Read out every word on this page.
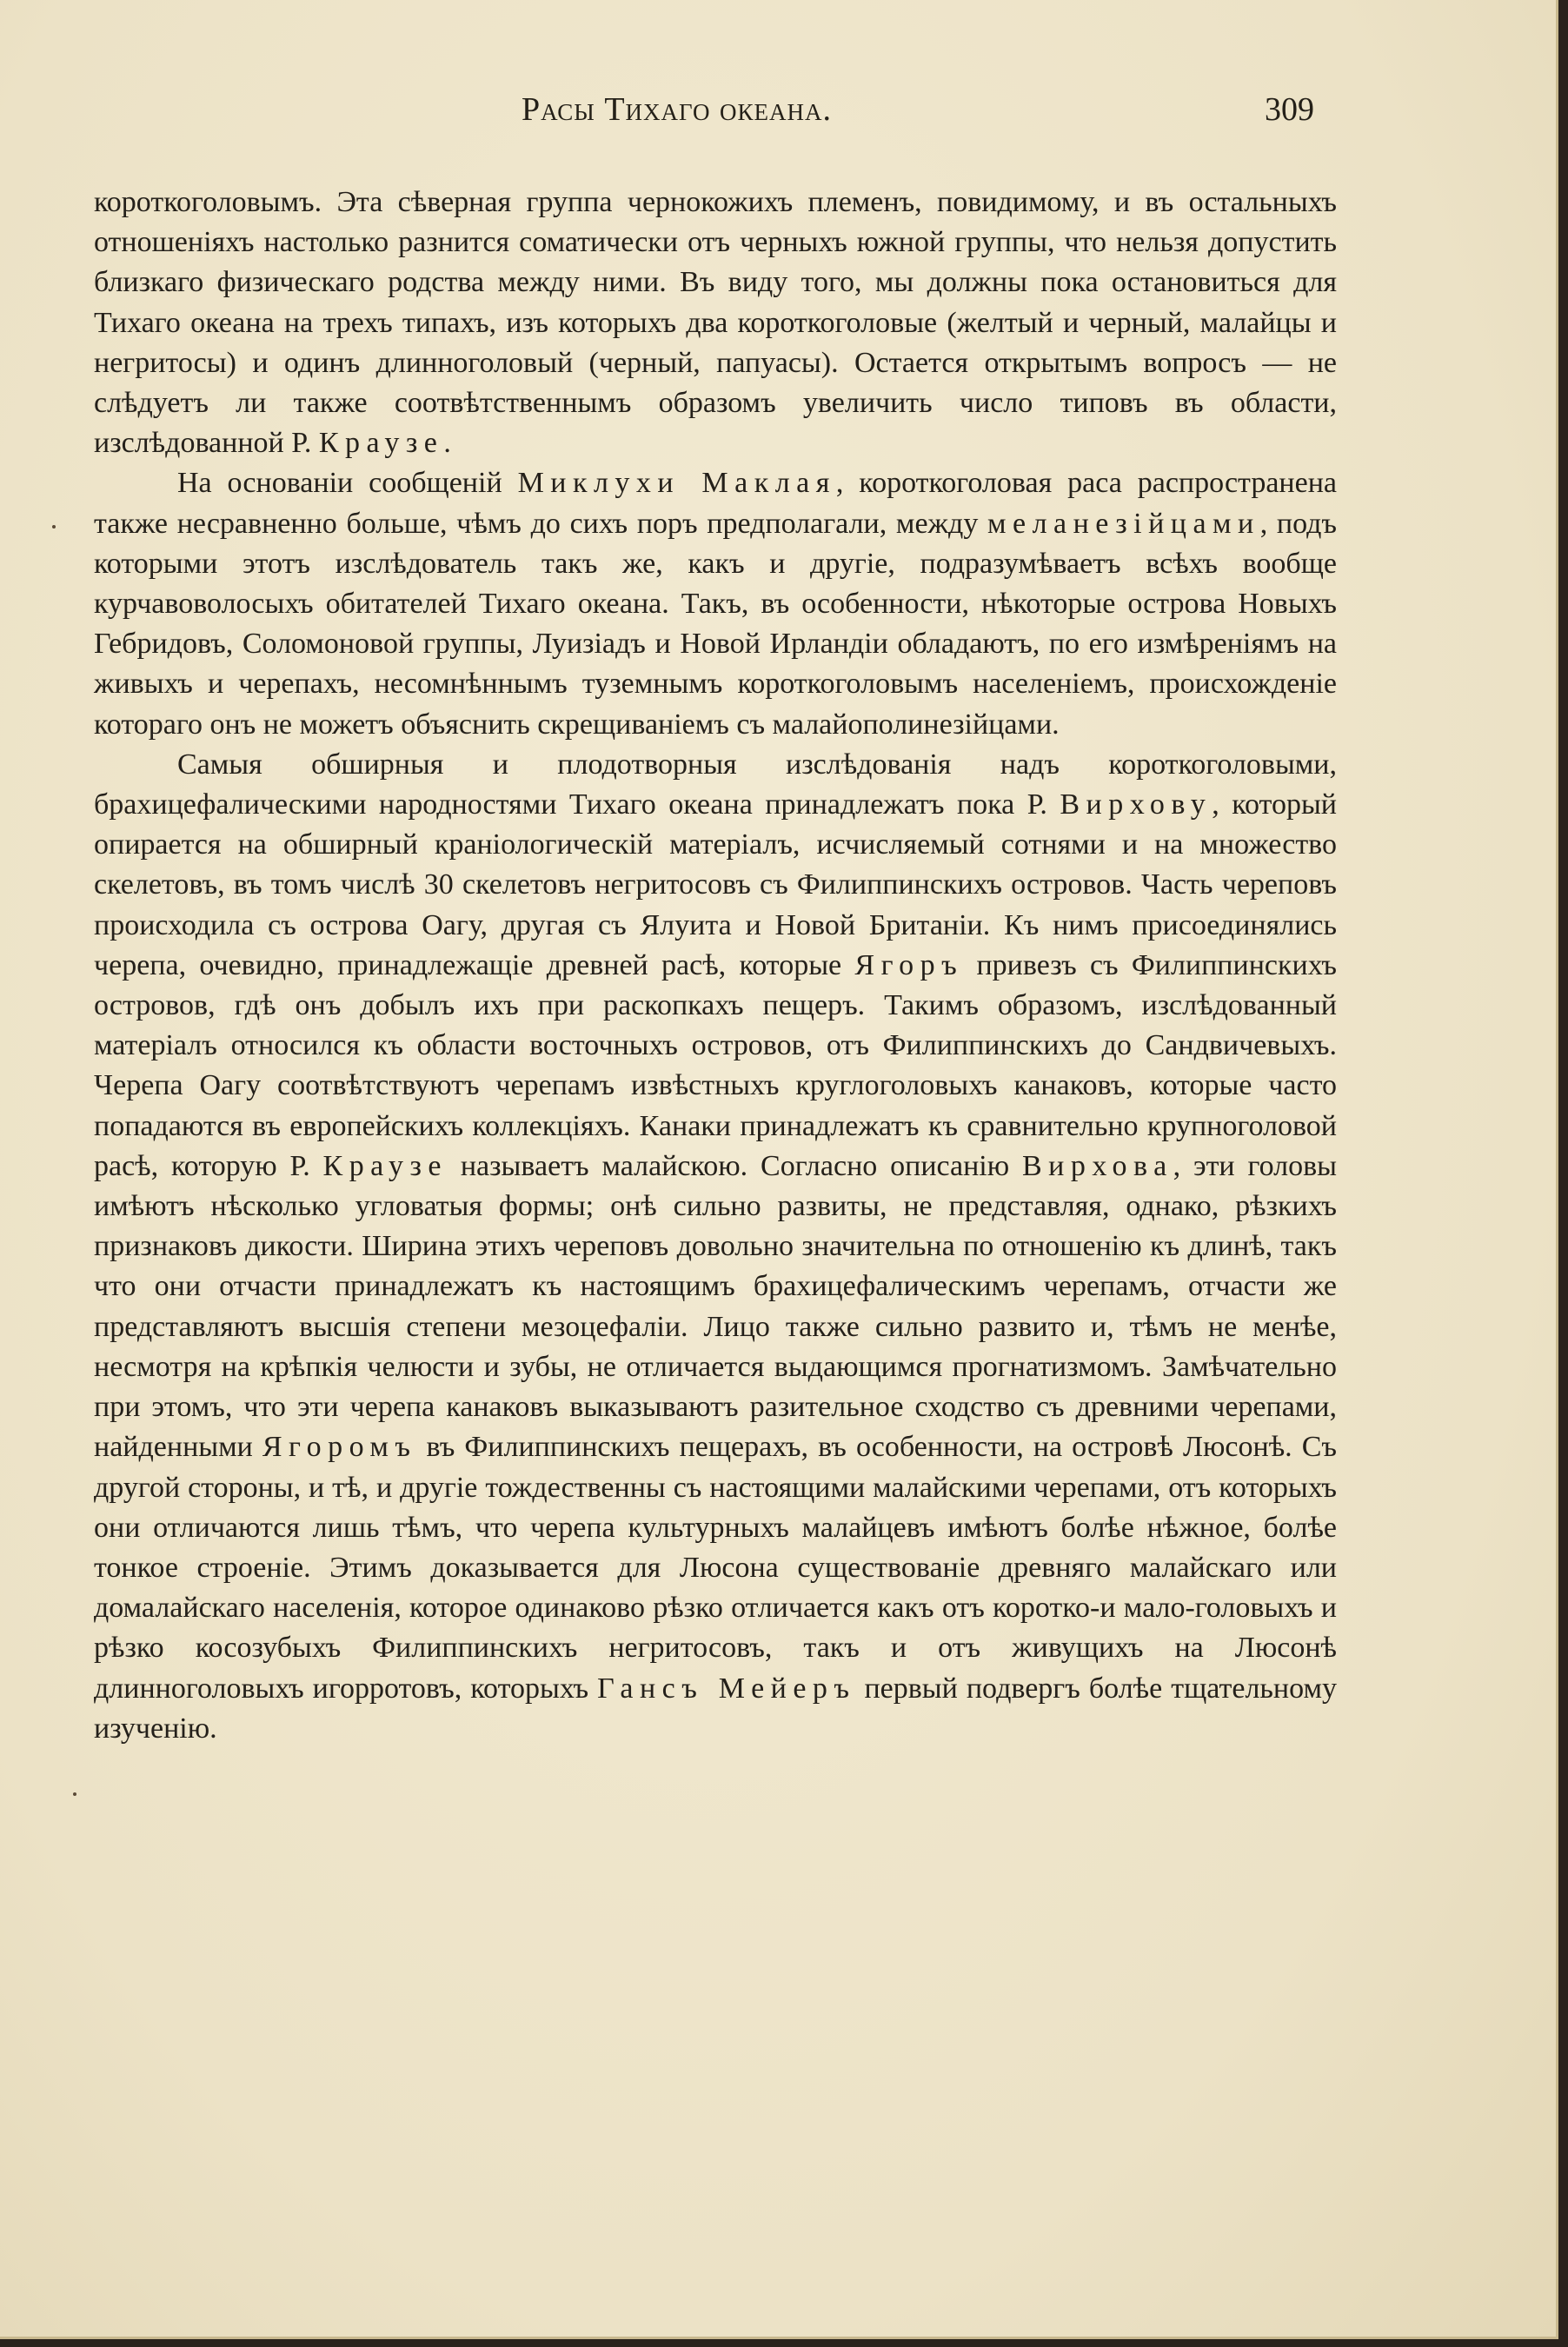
Расы Тихаго океана.	309

короткоголовымъ. Эта сѣверная группа чернокожихъ племенъ, повидимому, и въ остальныхъ отношеніяхъ настолько разнится соматически отъ черныхъ южной группы, что нельзя допустить близкаго физическаго родства между ними. Въ виду того, мы должны пока остановиться для Тихаго океана на трехъ типахъ, изъ которыхъ два короткоголовые (желтый и черный, малайцы и негритосы) и одинъ длинноголовый (черный, папуасы). Остается открытымъ вопросъ — не слѣдуетъ ли также соотвѣтственнымъ образомъ увеличить число типовъ въ области, изслѣдованной Р. Краузе.

На основаніи сообщеній Миклухи Маклая, короткоголовая раса распространена также несравненно больше, чѣмъ до сихъ поръ предполагали, между меланезійцами, подъ которыми этотъ изслѣдователь такъ же, какъ и другіе, подразумѣваетъ всѣхъ вообще курчавоволосыхъ обитателей Тихаго океана. Такъ, въ особенности, нѣкоторые острова Новыхъ Гебридовъ, Соломоновой группы, Луизіадъ и Новой Ирландіи обладаютъ, по его измѣреніямъ на живыхъ и черепахъ, несомнѣннымъ туземнымъ короткоголовымъ населеніемъ, происхожденіе котораго онъ не можетъ объяснить скрещиваніемъ съ малайополинезійцами.

Самыя обширныя и плодотворныя изслѣдованія надъ короткоголовыми, брахицефалическими народностями Тихаго океана принадлежатъ пока Р. Вирхову, который опирается на обширный краніологическій матеріалъ, исчисляемый сотнями и на множество скелетовъ, въ томъ числѣ 30 скелетовъ негритосовъ съ Филиппинскихъ островов. Часть череповъ происходила съ острова Оагу, другая съ Ялуита и Новой Британіи. Къ нимъ присоединялись черепа, очевидно, принадлежащіе древней расѣ, которые Ягоръ привезъ съ Филиппинскихъ островов, гдѣ онъ добылъ ихъ при раскопкахъ пещеръ. Такимъ образомъ, изслѣдованный матеріалъ относился къ области восточныхъ островов, отъ Филиппинскихъ до Сандвичевыхъ. Черепа Оагу соотвѣтствуютъ черепамъ извѣстныхъ круглоголовыхъ канаковъ, которые часто попадаются въ европейскихъ коллекціяхъ. Канаки принадлежатъ къ сравнительно крупноголовой расѣ, которую Р. Краузе называетъ малайскою. Согласно описанію Вирхова, эти головы имѣютъ нѣсколько угловатыя формы; онѣ сильно развиты, не представляя, однако, рѣзкихъ признаковъ дикости. Ширина этихъ череповъ довольно значительна по отношенію къ длинѣ, такъ что они отчасти принадлежатъ къ настоящимъ брахицефалическимъ черепамъ, отчасти же представляютъ высшія степени мезоцефаліи. Лицо также сильно развито и, тѣмъ не менѣе, несмотря на крѣпкія челюсти и зубы, не отличается выдающимся прогнатизмомъ. Замѣчательно при этомъ, что эти черепа канаковъ выказываютъ разительное сходство съ древними черепами, найденными Ягоромъ въ Филиппинскихъ пещерахъ, въ особенности, на островѣ Люсонѣ. Съ другой стороны, и тѣ, и другіе тождественны съ настоящими малайскими черепами, отъ которыхъ они отличаются лишь тѣмъ, что черепа культурныхъ малайцевъ имѣютъ болѣе нѣжное, болѣе тонкое строеніе. Этимъ доказывается для Люсона существованіе древняго малайскаго или домалайскаго населенія, которое одинаково рѣзко отличается какъ отъ коротко-и мало-головыхъ и рѣзко косозубыхъ Филиппинскихъ негритосовъ, такъ и отъ живущихъ на Люсонѣ длинноголовыхъ игорротовъ, которыхъ Гансъ Мейеръ первый подвергъ болѣе тщательному изученію.
